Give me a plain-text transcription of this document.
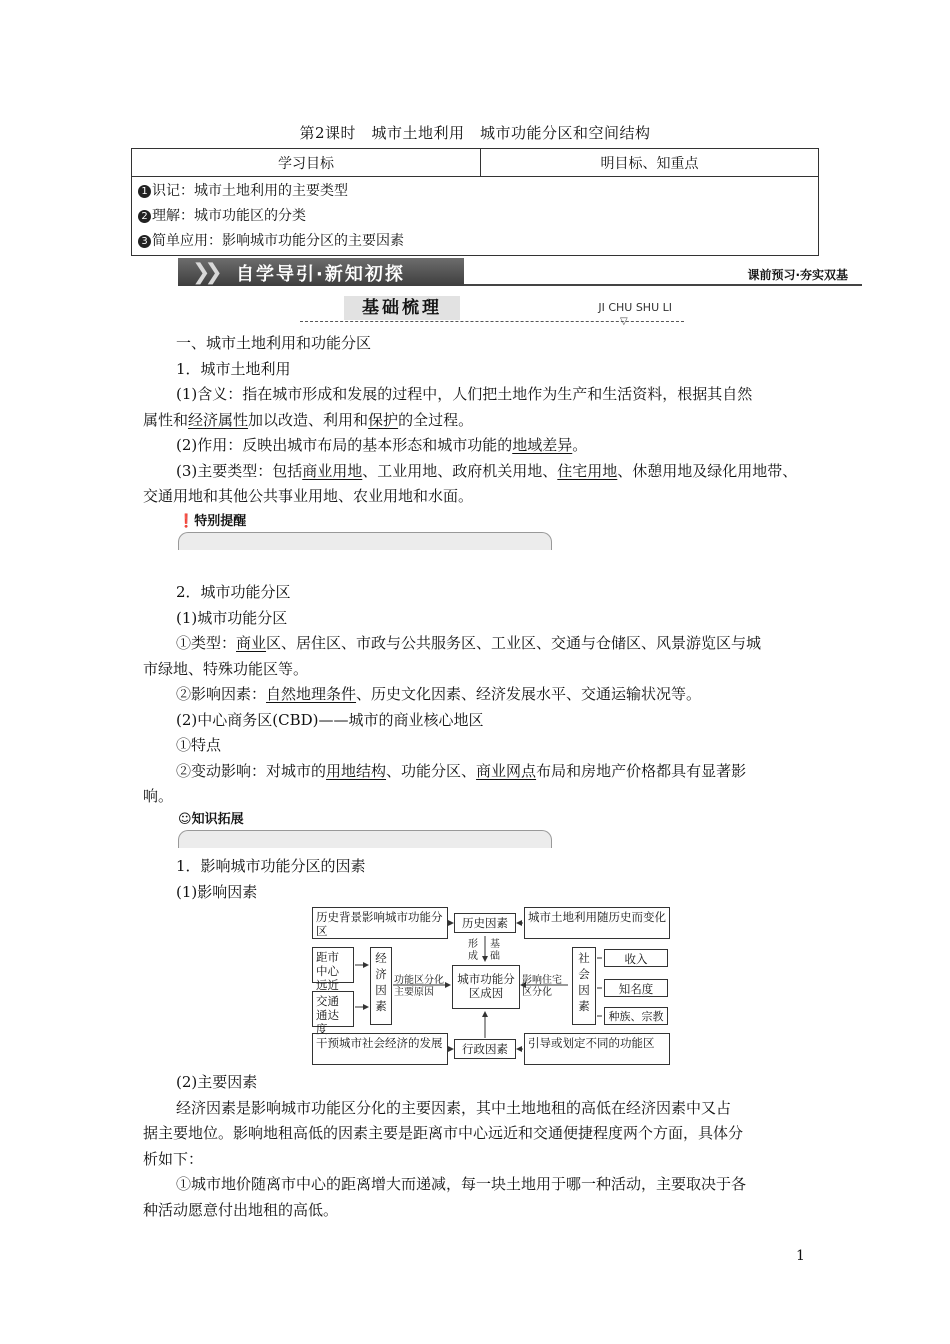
第2课时　城市土地利用　城市功能分区和空间结构
学习目标	明目标、知重点

1 识记：城市土地利用的主要类型
2 理解：城市功能区的分类
3 简单应用：影响城市功能分区的主要因素
❯❯ 自学导引·新知初探	课前预习·夯实双基
基础梳理	JI CHU SHU LI
▽

一、城市土地利用和功能分区

1．城市土地利用

(1)含义：指在城市形成和发展的过程中，人们把土地作为生产和生活资料，根据其自然

属性和经济属性加以改造、利用和保护的全过程。

(2)作用：反映出城市布局的基本形态和城市功能的地域差异。

(3)主要类型：包括商业用地、工业用地、政府机关用地、住宅用地、休憩用地及绿化用地带、

交通用地和其他公共事业用地、农业用地和水面。

❗特别提醒

2．城市功能分区

(1)城市功能分区

①类型：商业区、居住区、市政与公共服务区、工业区、交通与仓储区、风景游览区与城

市绿地、特殊功能区等。

②影响因素：自然地理条件、历史文化因素、经济发展水平、交通运输状况等。

(2)中心商务区(CBD)——城市的商业核心地区

①特点

②变动影响：对城市的用地结构、功能分区、商业网点布局和房地产价格都具有显著影

响。

☺知识拓展

1．影响城市功能分区的因素

(1)影响因素

历史背景影响城市功能分区
历史因素	城市土地利用随历史而变化
形成
基础
距市中心远近
交通通达度
经济因素
功能区分化
主要原因
城市功能分区成因
影响住宅
区分化
社会因素
收入
知名度
种族、宗教
干预城市社会经济的发展	行政因素	引导或划定不同的功能区

(2)主要因素

经济因素是影响城市功能区分化的主要因素，其中土地地租的高低在经济因素中又占

据主要地位。影响地租高低的因素主要是距离市中心远近和交通便捷程度两个方面，具体分

析如下：

①城市地价随离市中心的距离增大而递减，每一块土地用于哪一种活动，主要取决于各

种活动愿意付出地租的高低。

1
